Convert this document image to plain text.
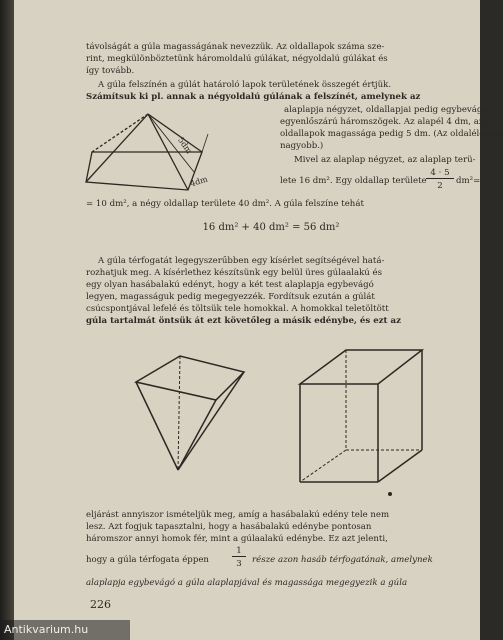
távolságát a gúla magasságának nevezzük. Az oldallapok száma sze-
rint, megkülönböztetünk háromoldalú gúlákat, négyoldalú gúlákat és
így tovább.
A gúla felszínén a gúlát határoló lapok területének összegét értjük.
Számítsuk ki pl. annak a négyoldalú gúlának a felszínét, amelynek az
alaplapja négyzet, oldallapjai pedig egybevágó
egyenlőszárú háromszögek. Az alapél 4 dm, az
oldallapok magassága pedig 5 dm. (Az oldalélennél
nagyobb.)
Mivel az alaplap négyzet, az alaplap terü-
lete 16 dm². Egy oldallap területe
4 · 5
2	dm²=
= 10 dm², a négy oldallap területe 40 dm². A gúla felszíne tehát
16 dm² + 40 dm² = 56 dm²
5dm
4dm
A gúla térfogatát legegyszerűbben egy kísérlet segítségével hatá-
rozhatjuk meg. A kísérlethez készítsünk egy belül üres gúlaalakú és
egy olyan hasábalakú edényt, hogy a két test alaplapja egybevágó
legyen, magasságuk pedig megegyezzék. Fordítsuk ezután a gúlát
csúcspontjával lefelé és töltsük tele homokkal. A homokkal teletöltött
gúla tartalmát öntsük át ezt követőleg a másik edénybe, és ezt az
eljárást annyiszor ismételjük meg, amíg a hasábalakú edény tele nem
lesz. Azt fogjuk tapasztalni, hogy a hasábalakú edénybe pontosan
háromszor annyi homok fér, mint a gúlaalakú edénybe. Ez azt jelenti,
hogy a gúla térfogata éppen
1
3	része azon hasáb térfogatának, amelynek
alaplapja egybevágó a gúla alaplapjával és magassága megegyezik a gúla
226
Antikvarium.hu
